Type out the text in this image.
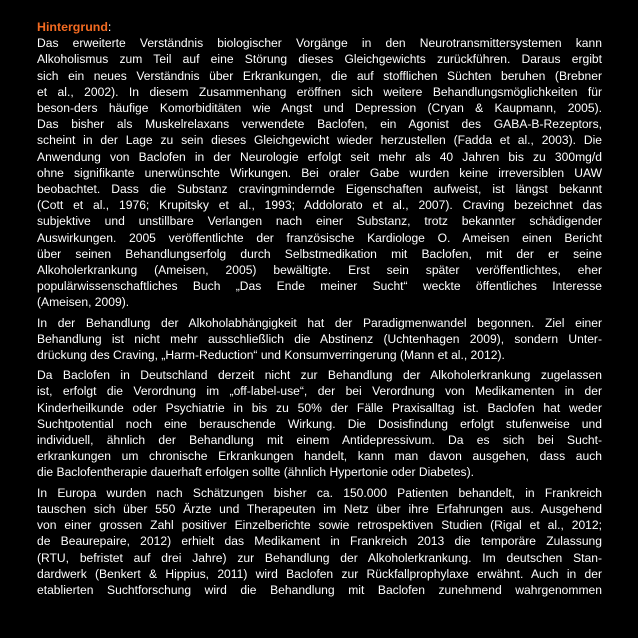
Hintergrund:

Das erweiterte Verständnis biologischer Vorgänge in den Neurotransmittersystemen kann
Alkoholismus zum Teil auf eine Störung dieses Gleichgewichts zurückführen. Daraus ergibt
sich ein neues Verständnis über Erkrankungen, die auf stofflichen Süchten beruhen (Brebner
et al., 2002). In diesem Zusammenhang eröffnen sich weitere Behandlungsmöglichkeiten für
beson-ders häufige Komorbiditäten wie Angst und Depression (Cryan & Kaupmann, 2005).
Das bisher als Muskelrelaxans verwendete Baclofen, ein Agonist des GABA-B-Rezeptors,
scheint in der Lage zu sein dieses Gleichgewicht wieder herzustellen (Fadda et al., 2003). Die
Anwendung von Baclofen in der Neurologie erfolgt seit mehr als 40 Jahren bis zu 300mg/d
ohne signifikante unerwünschte Wirkungen. Bei oraler Gabe wurden keine irreversiblen UAW
beobachtet. Dass die Substanz cravingmindernde Eigenschaften aufweist, ist längst bekannt
(Cott et al., 1976; Krupitsky et al., 1993; Addolorato et al., 2007). Craving bezeichnet das
subjektive und unstillbare Verlangen nach einer Substanz, trotz bekannter schädigender
Auswirkungen. 2005 veröffentlichte der französische Kardiologe O. Ameisen einen Bericht
über seinen Behandlungserfolg durch Selbstmedikation mit Baclofen, mit der er seine
Alkoholerkrankung (Ameisen, 2005) bewältigte. Erst sein später veröffentlichtes, eher
populärwissenschaftliches Buch „Das Ende meiner Sucht“ weckte öffentliches Interesse
(Ameisen, 2009).

In der Behandlung der Alkoholabhängigkeit hat der Paradigmenwandel begonnen. Ziel einer
Behandlung ist nicht mehr ausschließlich die Abstinenz (Uchtenhagen 2009), sondern Unter-
drückung des Craving, „Harm-Reduction“ und Konsumverringerung (Mann et al., 2012).

Da Baclofen in Deutschland derzeit nicht zur Behandlung der Alkoholerkrankung zugelassen
ist, erfolgt die Verordnung im „off-label-use“, der bei Verordnung von Medikamenten in der
Kinderheilkunde oder Psychiatrie in bis zu 50% der Fälle Praxisalltag ist. Baclofen hat weder
Suchtpotential noch eine berauschende Wirkung. Die Dosisfindung erfolgt stufenweise und
individuell, ähnlich der Behandlung mit einem Antidepressivum. Da es sich bei Sucht-
erkrankungen um chronische Erkrankungen handelt, kann man davon ausgehen, dass auch
die Baclofentherapie dauerhaft erfolgen sollte (ähnlich Hypertonie oder Diabetes).

In Europa wurden nach Schätzungen bisher ca. 150.000 Patienten behandelt, in Frankreich
tauschen sich über 550 Ärzte und Therapeuten im Netz über ihre Erfahrungen aus. Ausgehend
von einer grossen Zahl positiver Einzelberichte sowie retrospektiven Studien (Rigal et al., 2012;
de Beaurepaire, 2012) erhielt das Medikament in Frankreich 2013 die temporäre Zulassung
(RTU, befristet auf drei Jahre) zur Behandlung der Alkoholerkrankung. Im deutschen Stan-
dardwerk (Benkert & Hippius, 2011) wird Baclofen zur Rückfallprophylaxe erwähnt. Auch in der
etablierten Suchtforschung wird die Behandlung mit Baclofen zunehmend wahrgenommen
